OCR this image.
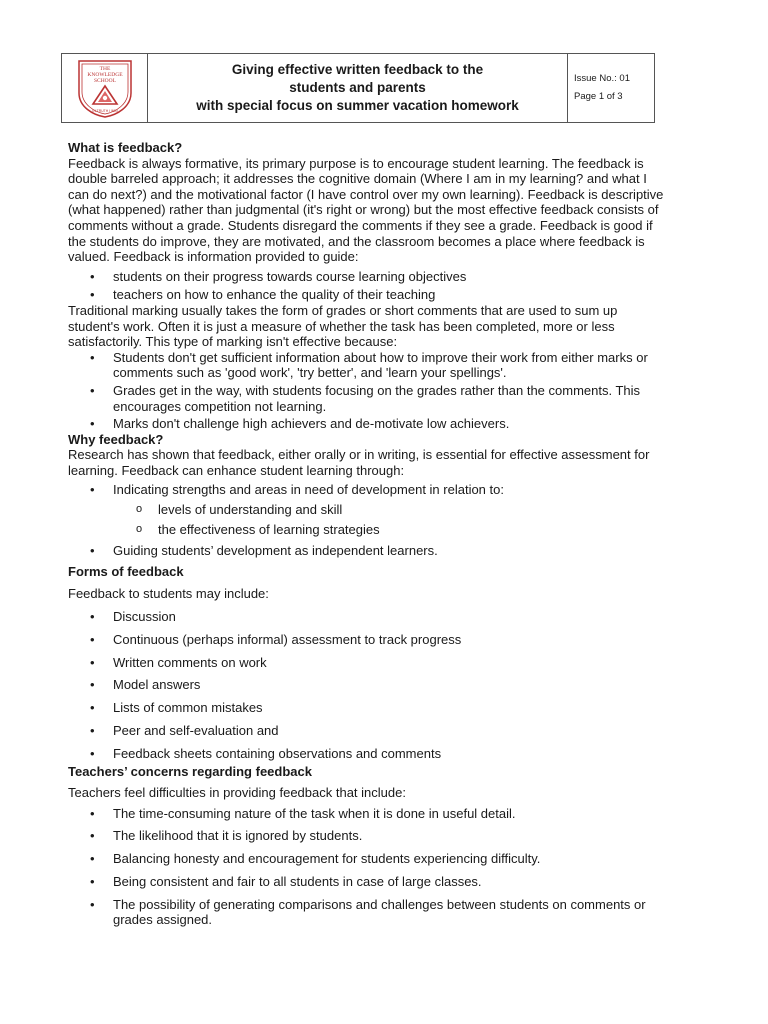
THE
KNOWLEDGE
SCHOOL
IN TRUTH I WIN
Giving effective written feedback to the
students and parents
with special focus on summer vacation homework
Issue No.: 01
Page 1 of 3
What is feedback?
Feedback is always formative, its primary purpose is to encourage student learning. The feedback is
double barreled approach; it addresses the cognitive domain (Where I am in my learning? and what I
can do next?) and the motivational factor (I have control over my own learning). Feedback is descriptive
(what happened) rather than judgmental (it's right or wrong) but the most effective feedback consists of
comments without a grade. Students disregard the comments if they see a grade. Feedback is good if
the students do improve, they are motivated, and the classroom becomes a place where feedback is
valued. Feedback is information provided to guide:
• students on their progress towards course learning objectives
• teachers on how to enhance the quality of their teaching
Traditional marking usually takes the form of grades or short comments that are used to sum up
student's work. Often it is just a measure of whether the task has been completed, more or less
satisfactorily. This type of marking isn't effective because:
• Students don't get sufficient information about how to improve their work from either marks or
comments such as 'good work', 'try better', and 'learn your spellings'.
• Grades get in the way, with students focusing on the grades rather than the comments. This
encourages competition not learning.
• Marks don't challenge high achievers and de-motivate low achievers.
Why feedback?
Research has shown that feedback, either orally or in writing, is essential for effective assessment for
learning. Feedback can enhance student learning through:
• Indicating strengths and areas in need of development in relation to:
o levels of understanding and skill
o the effectiveness of learning strategies
• Guiding students’ development as independent learners.
Forms of feedback
Feedback to students may include:
• Discussion
• Continuous (perhaps informal) assessment to track progress
• Written comments on work
• Model answers
• Lists of common mistakes
• Peer and self-evaluation and
• Feedback sheets containing observations and comments
Teachers’ concerns regarding feedback
Teachers feel difficulties in providing feedback that include:
• The time-consuming nature of the task when it is done in useful detail.
• The likelihood that it is ignored by students.
• Balancing honesty and encouragement for students experiencing difficulty.
• Being consistent and fair to all students in case of large classes.
• The possibility of generating comparisons and challenges between students on comments or
grades assigned.
